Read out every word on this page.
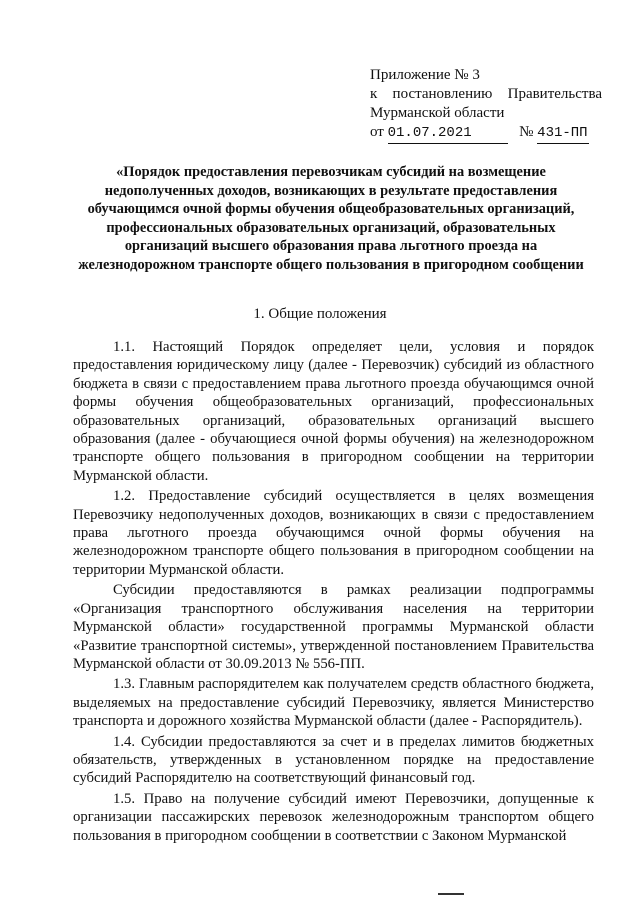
Приложение № 3
к постановлению Правительства
Мурманской области
от 01.07.2021	№ 431-ПП
«Порядок предоставления перевозчикам субсидий на возмещение недополученных доходов, возникающих в результате предоставления обучающимся очной формы обучения общеобразовательных организаций, профессиональных образовательных организаций, образовательных организаций высшего образования права льготного проезда на железнодорожном транспорте общего пользования в пригородном сообщении
1. Общие положения

1.1. Настоящий Порядок определяет цели, условия и порядок предоставления юридическому лицу (далее - Перевозчик) субсидий из областного бюджета в связи с предоставлением права льготного проезда обучающимся очной формы обучения общеобразовательных организаций, профессиональных образовательных организаций, образовательных организаций высшего образования (далее - обучающиеся очной формы обучения) на железнодорожном транспорте общего пользования в пригородном сообщении на территории Мурманской области.

1.2. Предоставление субсидий осуществляется в целях возмещения Перевозчику недополученных доходов, возникающих в связи с предоставлением права льготного проезда обучающимся очной формы обучения на железнодорожном транспорте общего пользования в пригородном сообщении на территории Мурманской области.

Субсидии предоставляются в рамках реализации подпрограммы «Организация транспортного обслуживания населения на территории Мурманской области» государственной программы Мурманской области «Развитие транспортной системы», утвержденной постановлением Правительства Мурманской области от 30.09.2013 № 556-ПП.

1.3. Главным распорядителем как получателем средств областного бюджета, выделяемых на предоставление субсидий Перевозчику, является Министерство транспорта и дорожного хозяйства Мурманской области (далее - Распорядитель).

1.4. Субсидии предоставляются за счет и в пределах лимитов бюджетных обязательств, утвержденных в установленном порядке на предоставление субсидий Распорядителю на соответствующий финансовый год.

1.5. Право на получение субсидий имеют Перевозчики, допущенные к организации пассажирских перевозок железнодорожным транспортом общего пользования в пригородном сообщении в соответствии с Законом Мурманской
